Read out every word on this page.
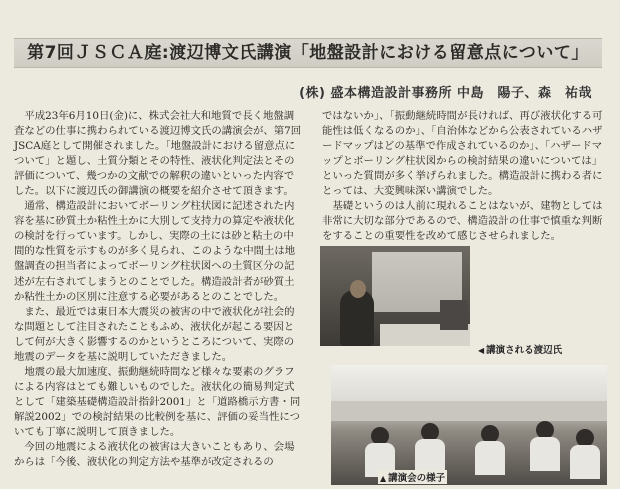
第7回ＪＳＣＡ庭:渡辺博文氏講演「地盤設計における留意点について」
(株) 盛本構造設計事務所 中島　陽子、森　祐哉

平成23年6月10日(金)に、株式会社大和地質で長く地盤調査などの仕事に携わられている渡辺博文氏の講演会が、第7回JSCA庭として開催されました。「地盤設計における留意点について」と題し、土質分類とその特性、液状化判定法とその評価について、幾つかの文献での解釈の違いといった内容でした。以下に渡辺氏の御講演の概要を紹介させて頂きます。

通常、構造設計においてボーリング柱状図に記述された内容を基に砂質土か粘性土かに大別して支持力の算定や液状化の検討を行っています。しかし、実際の土には砂と粘土の中間的な性質を示すものが多く見られ、このような中間土は地盤調査の担当者によってボーリング柱状図への土質区分の記述が左右されてしまうとのことでした。構造設計者が砂質土か粘性土かの区別に注意する必要があるとのことでした。

また、最近では東日本大震災の被害の中で液状化が社会的な問題として注目されたこともふめ、液状化が起こる要因として何が大きく影響するのかというところについて、実際の地震のデータを基に説明していただきました。

地震の最大加速度、振動継続時間など様々な要素のグラフによる内容はとても難しいものでした。液状化の簡易判定式として「建築基礎構造設計指針2001」と「道路橋示方書・同解説2002」での検討結果の比較例を基に、評価の妥当性についても丁寧に説明して頂きました。

今回の地震による液状化の被害は大きいこともあり、会場からは「今後、液状化の判定方法や基準が改定されるの

ではないか」、「振動継続時間が長ければ、再び液状化する可能性は低くなるのか」、「自治体などから公表されているハザードマップはどの基準で作成されているのか」、「ハザードマップとボーリング柱状図からの検討結果の違いについては」といった質問が多く挙げられました。構造設計に携わる者にとっては、大変興味深い講演でした。

基礎というのは人前に現れることはないが、建物としては非常に大切な部分であるので、構造設計の仕事で慎重な判断をすることの重要性を改めて感じさせられました。

◀ 講演される渡辺氏
▲ 講演会の様子
